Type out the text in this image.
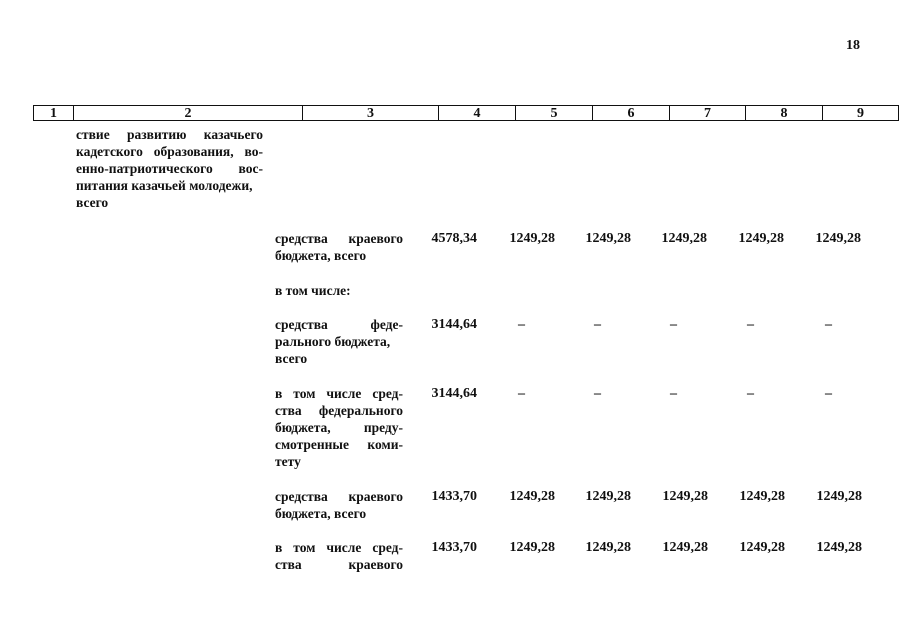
18
1	2	3	4	5	6	7	8	9
ствие развитию казачьего
кадетского образования, во-
енно-патриотического вос-
питания казачьей молодежи,
всего
средства краевого
бюджета, всего
4578,34 1249,28 1249,28 1249,28 1249,28 1249,28
в том числе:
средства феде-
рального бюджета,
всего
3144,64	–	–	–	–	–
в том числе сред-
ства федерального
бюджета, преду-
смотренные коми-
тету
3144,64	–	–	–	–	–
средства краевого
бюджета, всего
1433,70 1249,28 1249,28 1249,28 1249,28 1249,28
в том числе сред-
ства краевого
1433,70 1249,28 1249,28 1249,28 1249,28 1249,28
